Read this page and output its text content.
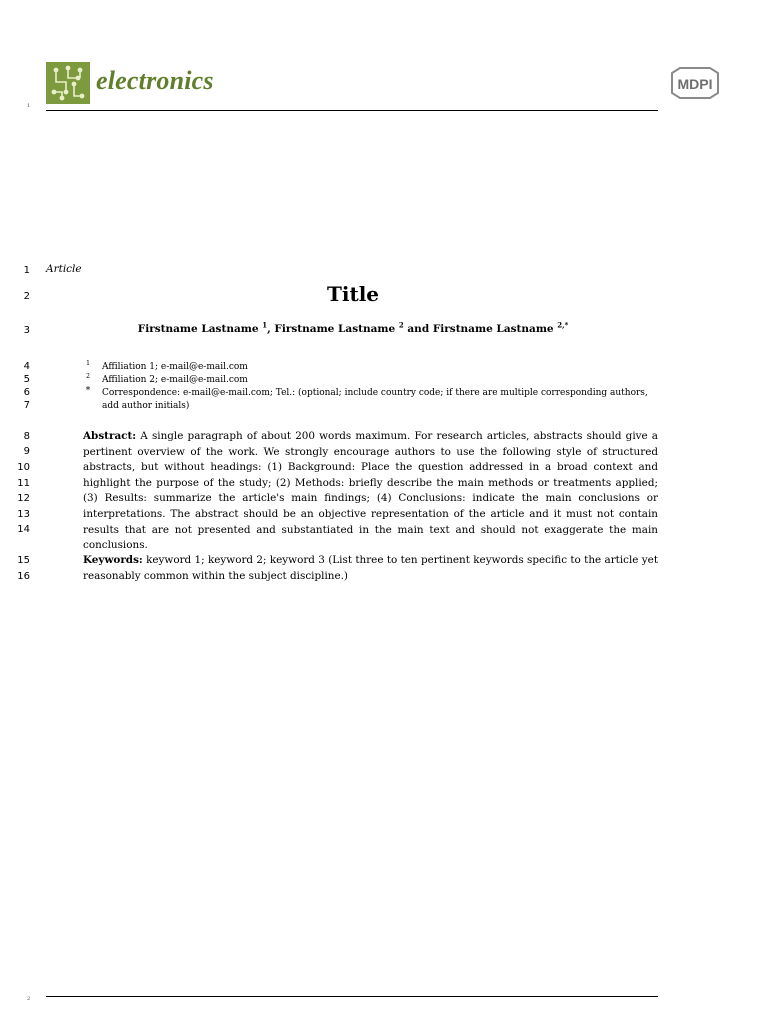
electronics	MDPI
1
1
2
3
4
5
6
7
8
9
10
11
12
13
14
15
16
Article
Title
Firstname Lastname $^1$, Firstname Lastname $^2$ and Firstname Lastname $^{2,*}$
1 Affiliation 1; e-mail@e-mail.com
2 Affiliation 2; e-mail@e-mail.com
* Correspondence: e-mail@e-mail.com; Tel.: (optional; include country code; if there are multiple corresponding authors,
add author initials)
Abstract: A single paragraph of about 200 words maximum. For research articles, abstracts should give a pertinent overview of the work. We strongly encourage authors to use the following style of structured abstracts, but without headings: (1) Background: Place the question addressed in a broad context and highlight the purpose of the study; (2) Methods: briefly describe the main methods or treatments applied; (3) Results: summarize the article's main findings; (4) Conclusions: indicate the main conclusions or interpretations. The abstract should be an objective representation of the article and it must not contain results that are not presented and substantiated in the main text and should not exaggerate the main conclusions.
Keywords: keyword 1; keyword 2; keyword 3 (List three to ten pertinent keywords specific to the article yet reasonably common within the subject discipline.)
2
